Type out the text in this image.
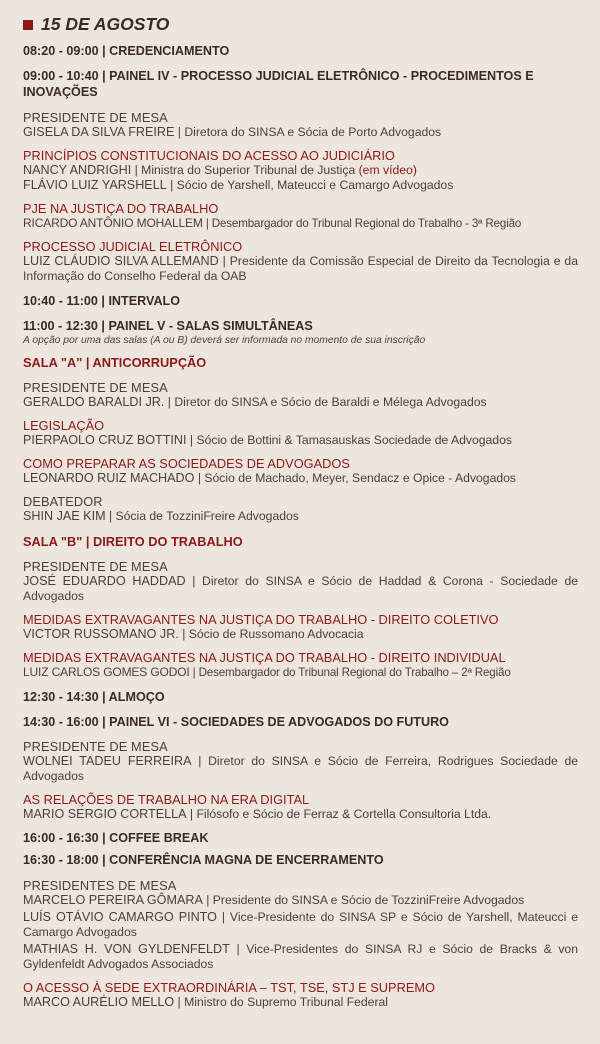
15 DE AGOSTO
08:20 - 09:00 | CREDENCIAMENTO
09:00 - 10:40 | PAINEL IV - PROCESSO JUDICIAL ELETRÔNICO - PROCEDIMENTOS E INOVAÇÕES
PRESIDENTE DE MESA
GISELA DA SILVA FREIRE | Diretora do SINSA e Sócia de Porto Advogados
PRINCÍPIOS CONSTITUCIONAIS DO ACESSO AO JUDICIÁRIO
NANCY ANDRIGHI | Ministra do Superior Tribunal de Justiça (em vídeo)
FLÁVIO LUIZ YARSHELL | Sócio de Yarshell, Mateucci e Camargo Advogados
PJE NA JUSTIÇA DO TRABALHO
RICARDO ANTÔNIO MOHALLEM | Desembargador do Tribunal Regional do Trabalho - 3ª Região
PROCESSO JUDICIAL ELETRÔNICO
LUIZ CLÁUDIO SILVA ALLEMAND | Presidente da Comissão Especial de Direito da Tecnologia e da Informação do Conselho Federal da OAB
10:40 - 11:00 | INTERVALO
11:00 - 12:30 | PAINEL V - SALAS SIMULTÂNEAS
A opção por uma das salas (A ou B) deverá ser informada no momento de sua inscrição
SALA "A" | ANTICORRUPÇÃO
PRESIDENTE DE MESA
GERALDO BARALDI JR. | Diretor do SINSA e Sócio de Baraldi e Mélega Advogados
LEGISLAÇÃO
PIERPAOLO CRUZ BOTTINI | Sócio de Bottini & Tamasauskas Sociedade de Advogados
COMO PREPARAR AS SOCIEDADES DE ADVOGADOS
LEONARDO RUIZ MACHADO | Sócio de Machado, Meyer, Sendacz e Opice - Advogados
DEBATEDOR
SHIN JAE KIM | Sócia de TozziniFreire Advogados
SALA "B" | DIREITO DO TRABALHO
PRESIDENTE DE MESA
JOSÉ EDUARDO HADDAD | Diretor do SINSA e Sócio de Haddad & Corona - Sociedade de Advogados
MEDIDAS EXTRAVAGANTES NA JUSTIÇA DO TRABALHO - DIREITO COLETIVO
VICTOR RUSSOMANO JR. | Sócio de Russomano Advocacia
MEDIDAS EXTRAVAGANTES NA JUSTIÇA DO TRABALHO - DIREITO INDIVIDUAL
LUIZ CARLOS GOMES GODOI | Desembargador do Tribunal Regional do Trabalho – 2ª Região
12:30 - 14:30 | ALMOÇO
14:30 - 16:00 | PAINEL VI - SOCIEDADES DE ADVOGADOS DO FUTURO
PRESIDENTE DE MESA
WOLNEI TADEU FERREIRA | Diretor do SINSA e Sócio de Ferreira, Rodrigues Sociedade de Advogados
AS RELAÇÕES DE TRABALHO NA ERA DIGITAL
MARIO SERGIO CORTELLA | Filósofo e Sócio de Ferraz & Cortella Consultoria Ltda.
16:00 - 16:30 | COFFEE BREAK
16:30 - 18:00 | CONFERÊNCIA MAGNA DE ENCERRAMENTO
PRESIDENTES DE MESA
MARCELO PEREIRA GÔMARA | Presidente do SINSA e Sócio de TozziniFreire Advogados
LUÍS OTÁVIO CAMARGO PINTO | Vice-Presidente do SINSA SP e Sócio de Yarshell, Mateucci e Camargo Advogados
MATHIAS H. VON GYLDENFELDT | Vice-Presidentes do SINSA RJ e Sócio de Bracks & von Gyldenfeldt Advogados Associados
O ACESSO À SEDE EXTRAORDINÁRIA – TST, TSE, STJ E SUPREMO
MARCO AURÉLIO MELLO | Ministro do Supremo Tribunal Federal
